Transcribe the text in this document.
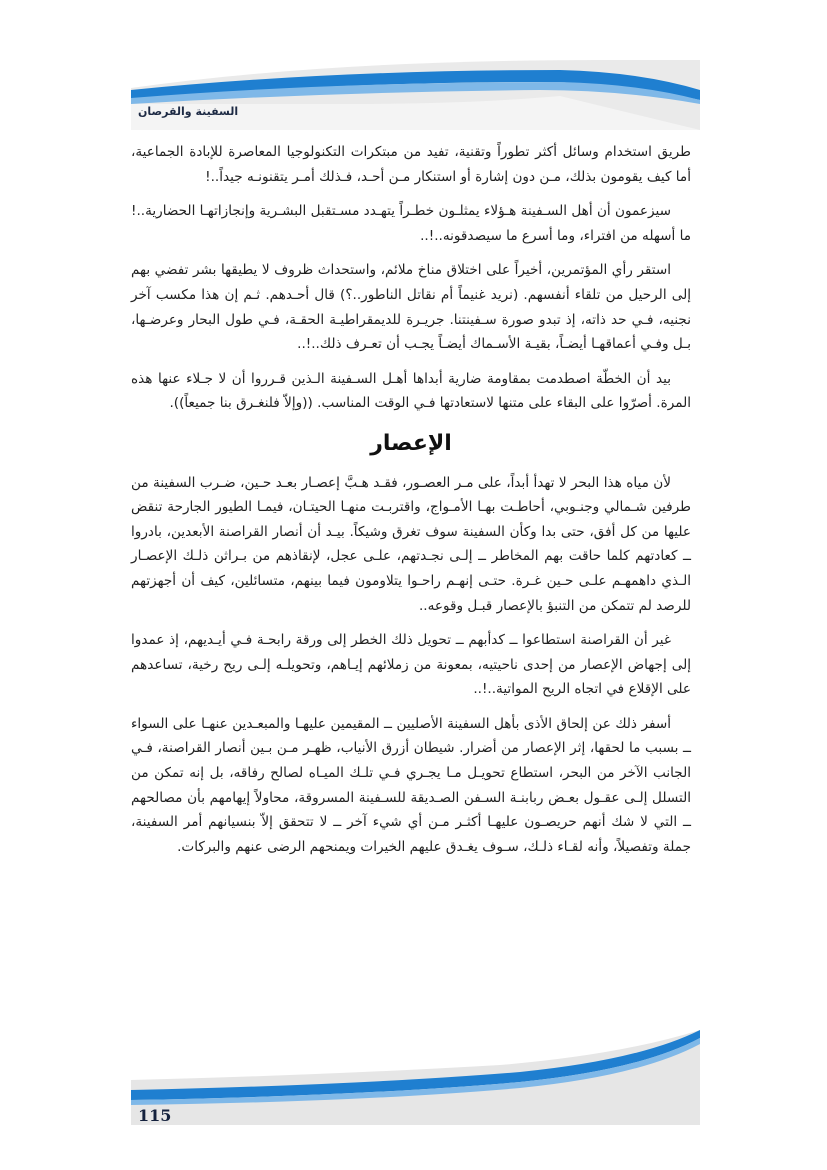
السفينة والقرصان

طريق استخدام وسائل أكثر تطوراً وتقنية، تفيد من مبتكرات التكنولوجيا المعاصرة للإبادة الجماعية، أما كيف يقومون بذلك، مـن دون إشارة أو استنكار مـن أحـد، فـذلك أمـر يتقنونـه جيداً..!

سيزعمون أن أهل السـفينة هـؤلاء يمثلـون خطـراً يتهـدد مسـتقبل البشـرية وإنجازاتهـا الحضارية..! ما أسهله من افتراء، وما أسرع ما سيصدقونه..!..

استقر رأي المؤتمرين، أخيراً على اختلاق مناخ ملائم، واستحداث ظروف لا يطيقها بشر تفضي بهم إلى الرحيل من تلقاء أنفسهم. (نريد غنيماً أم نقاتل الناطور..؟) قال أحـدهم. ثـم إن هذا مكسب آخر نجنيه، فـي حد ذاته، إذ تبدو صورة سـفينتنا. جريـرة للديمقراطيـة الحقـة، فـي طول البحار وعرضـها، بـل وفـي أعماقهـا أيضـاً، بقيـة الأسـماك أيضـاً يجـب أن تعـرف ذلك..!..

بيد أن الخطّة اصطدمت بمقاومة ضارية أبداها أهـل السـفينة الـذين قـرروا أن لا جـلاء عنها هذه المرة. أصرّوا على البقاء على متنها لاستعادتها فـي الوقت المناسب. ((وإلاّ فلنغـرق بنا جميعاً)).

الإعصار

لأن مياه هذا البحر لا تهدأ أبداً، على مـر العصـور، فقـد هـبَّ إعصـار بعـد حـين، ضـرب السفينة من طرفين شـمالي وجنـوبي، أحاطـت بهـا الأمـواج، واقتربـت منهـا الحيتـان، فيمـا الطيور الجارحة تنقض عليها من كل أفق، حتى بدا وكأن السفينة سوف تغرق وشيكاً. بيـد أن أنصار القراصنة الأبعدين، بادروا ــ كعادتهم كلما حاقت بهم المخاطر ــ إلـى نجـدتهم، علـى عجل، لإنقاذهم من بـراثن ذلـك الإعصـار الـذي داهمهـم علـى حـين غـرة. حتـى إنهـم راحـوا يتلاومون فيما بينهم، متسائلين، كيف أن أجهزتهم للرصد لم تتمكن من التنبؤ بالإعصار قبـل وقوعه..

غير أن القراصنة استطاعوا ــ كدأبهم ــ تحويل ذلك الخطر إلى ورقة رابحـة فـي أيـديهم، إذ عمدوا إلى إجهاض الإعصار من إحدى ناحيتيه، بمعونة من زملائهم إيـاهم، وتحويلـه إلـى ريح رخية، تساعدهم على الإقلاع في اتجاه الريح المواتية..!..

أسفر ذلك عن إلحاق الأذى بأهل السفينة الأصليين ــ المقيمين عليهـا والمبعـدين عنهـا على السواء ــ بسبب ما لحقها، إثر الإعصار من أضرار. شيطان أزرق الأنياب، ظهـر مـن بـين أنصار القراصنة، فـي الجانب الآخر من البحر، استطاع تحويـل مـا يجـري فـي تلـك الميـاه لصالح رفاقه، بل إنه تمكن من التسلل إلـى عقـول بعـض ربابنـة السـفن الصـديقة للسـفينة المسروقة، محاولاً إيهامهم بأن مصالحهم ــ التي لا شك أنهم حريصـون عليهـا أكثـر مـن أي شيء آخر ــ لا تتحقق إلاّ بنسيانهم أمر السفينة، جملة وتفصيلاً، وأنه لقـاء ذلـك، سـوف يغـدق عليهم الخيرات ويمنحهم الرضى عنهم والبركات.

115
